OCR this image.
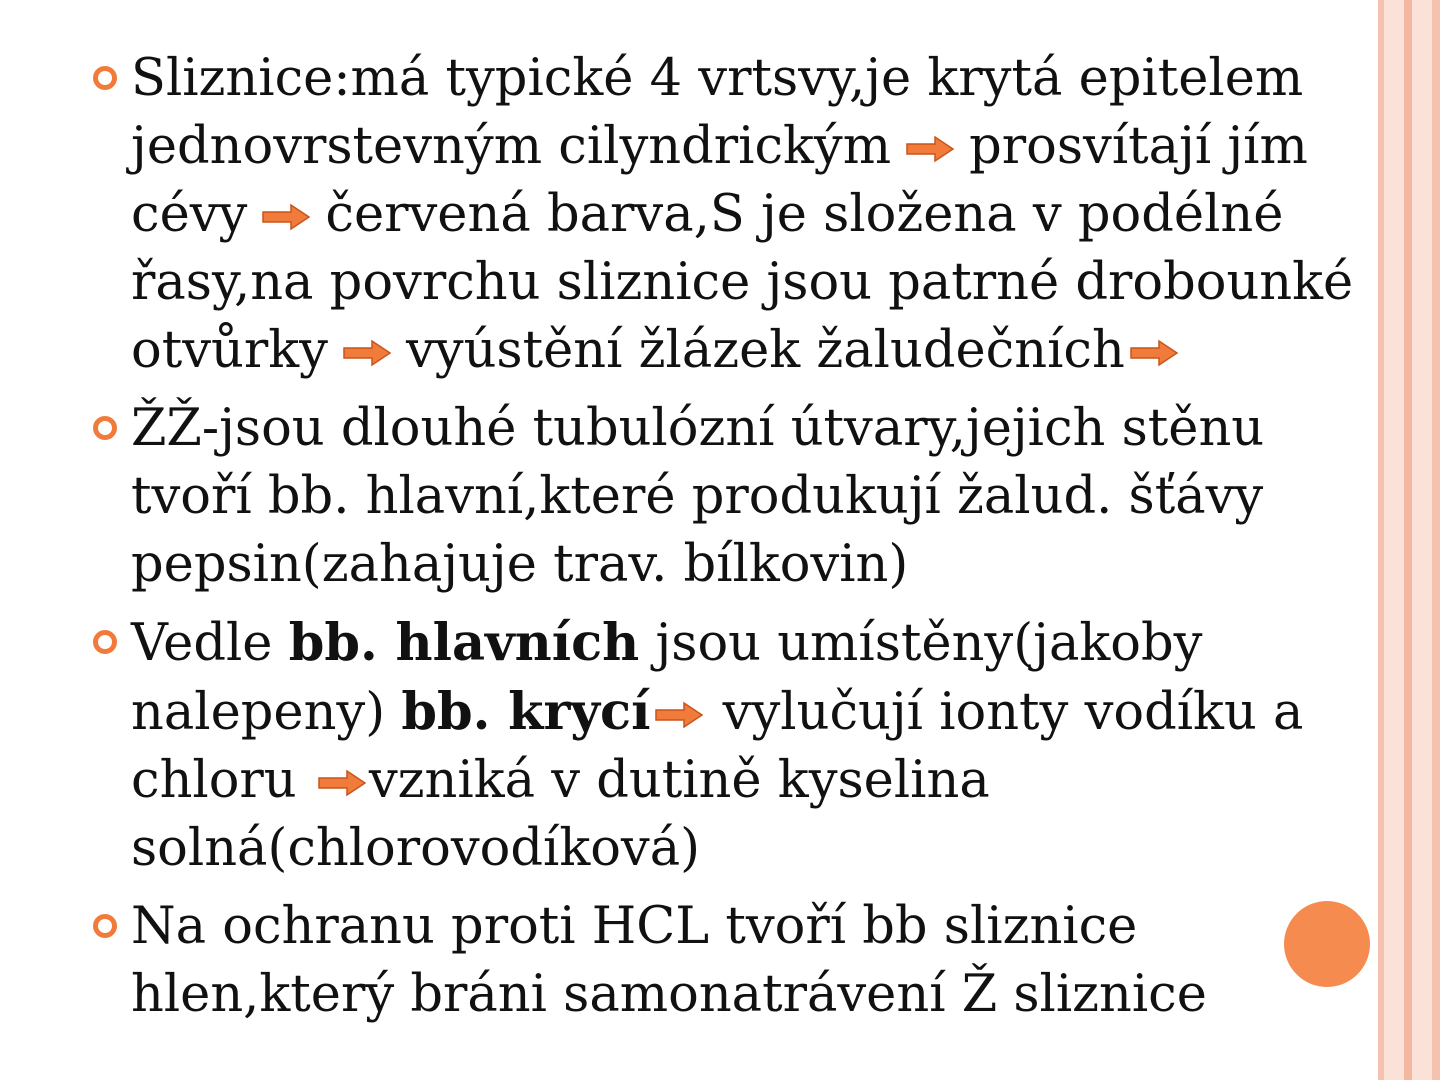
Sliznice:má typické 4 vrtsvy,je krytá epitelem jednovrstevným cilyndrickým prosvítají jím cévy červená barva,S je složena v podélné řasy,na povrchu sliznice jsou patrné drobounké otvůrky vyústění žlázek žaludečních
ŽŽ-jsou dlouhé tubulózní útvary,jejich stěnu tvoří bb. hlavní,které produkují žalud. šťávy pepsin(zahajuje trav. bílkovin)
Vedle bb. hlavních jsou umístěny(jakoby nalepeny) bb. krycí vylučují ionty vodíku a chloru vzniká v dutině kyselina solná(chlorovodíková)
Na ochranu proti HCL tvoří bb sliznice hlen,který bráni samonatrávení Ž sliznice
